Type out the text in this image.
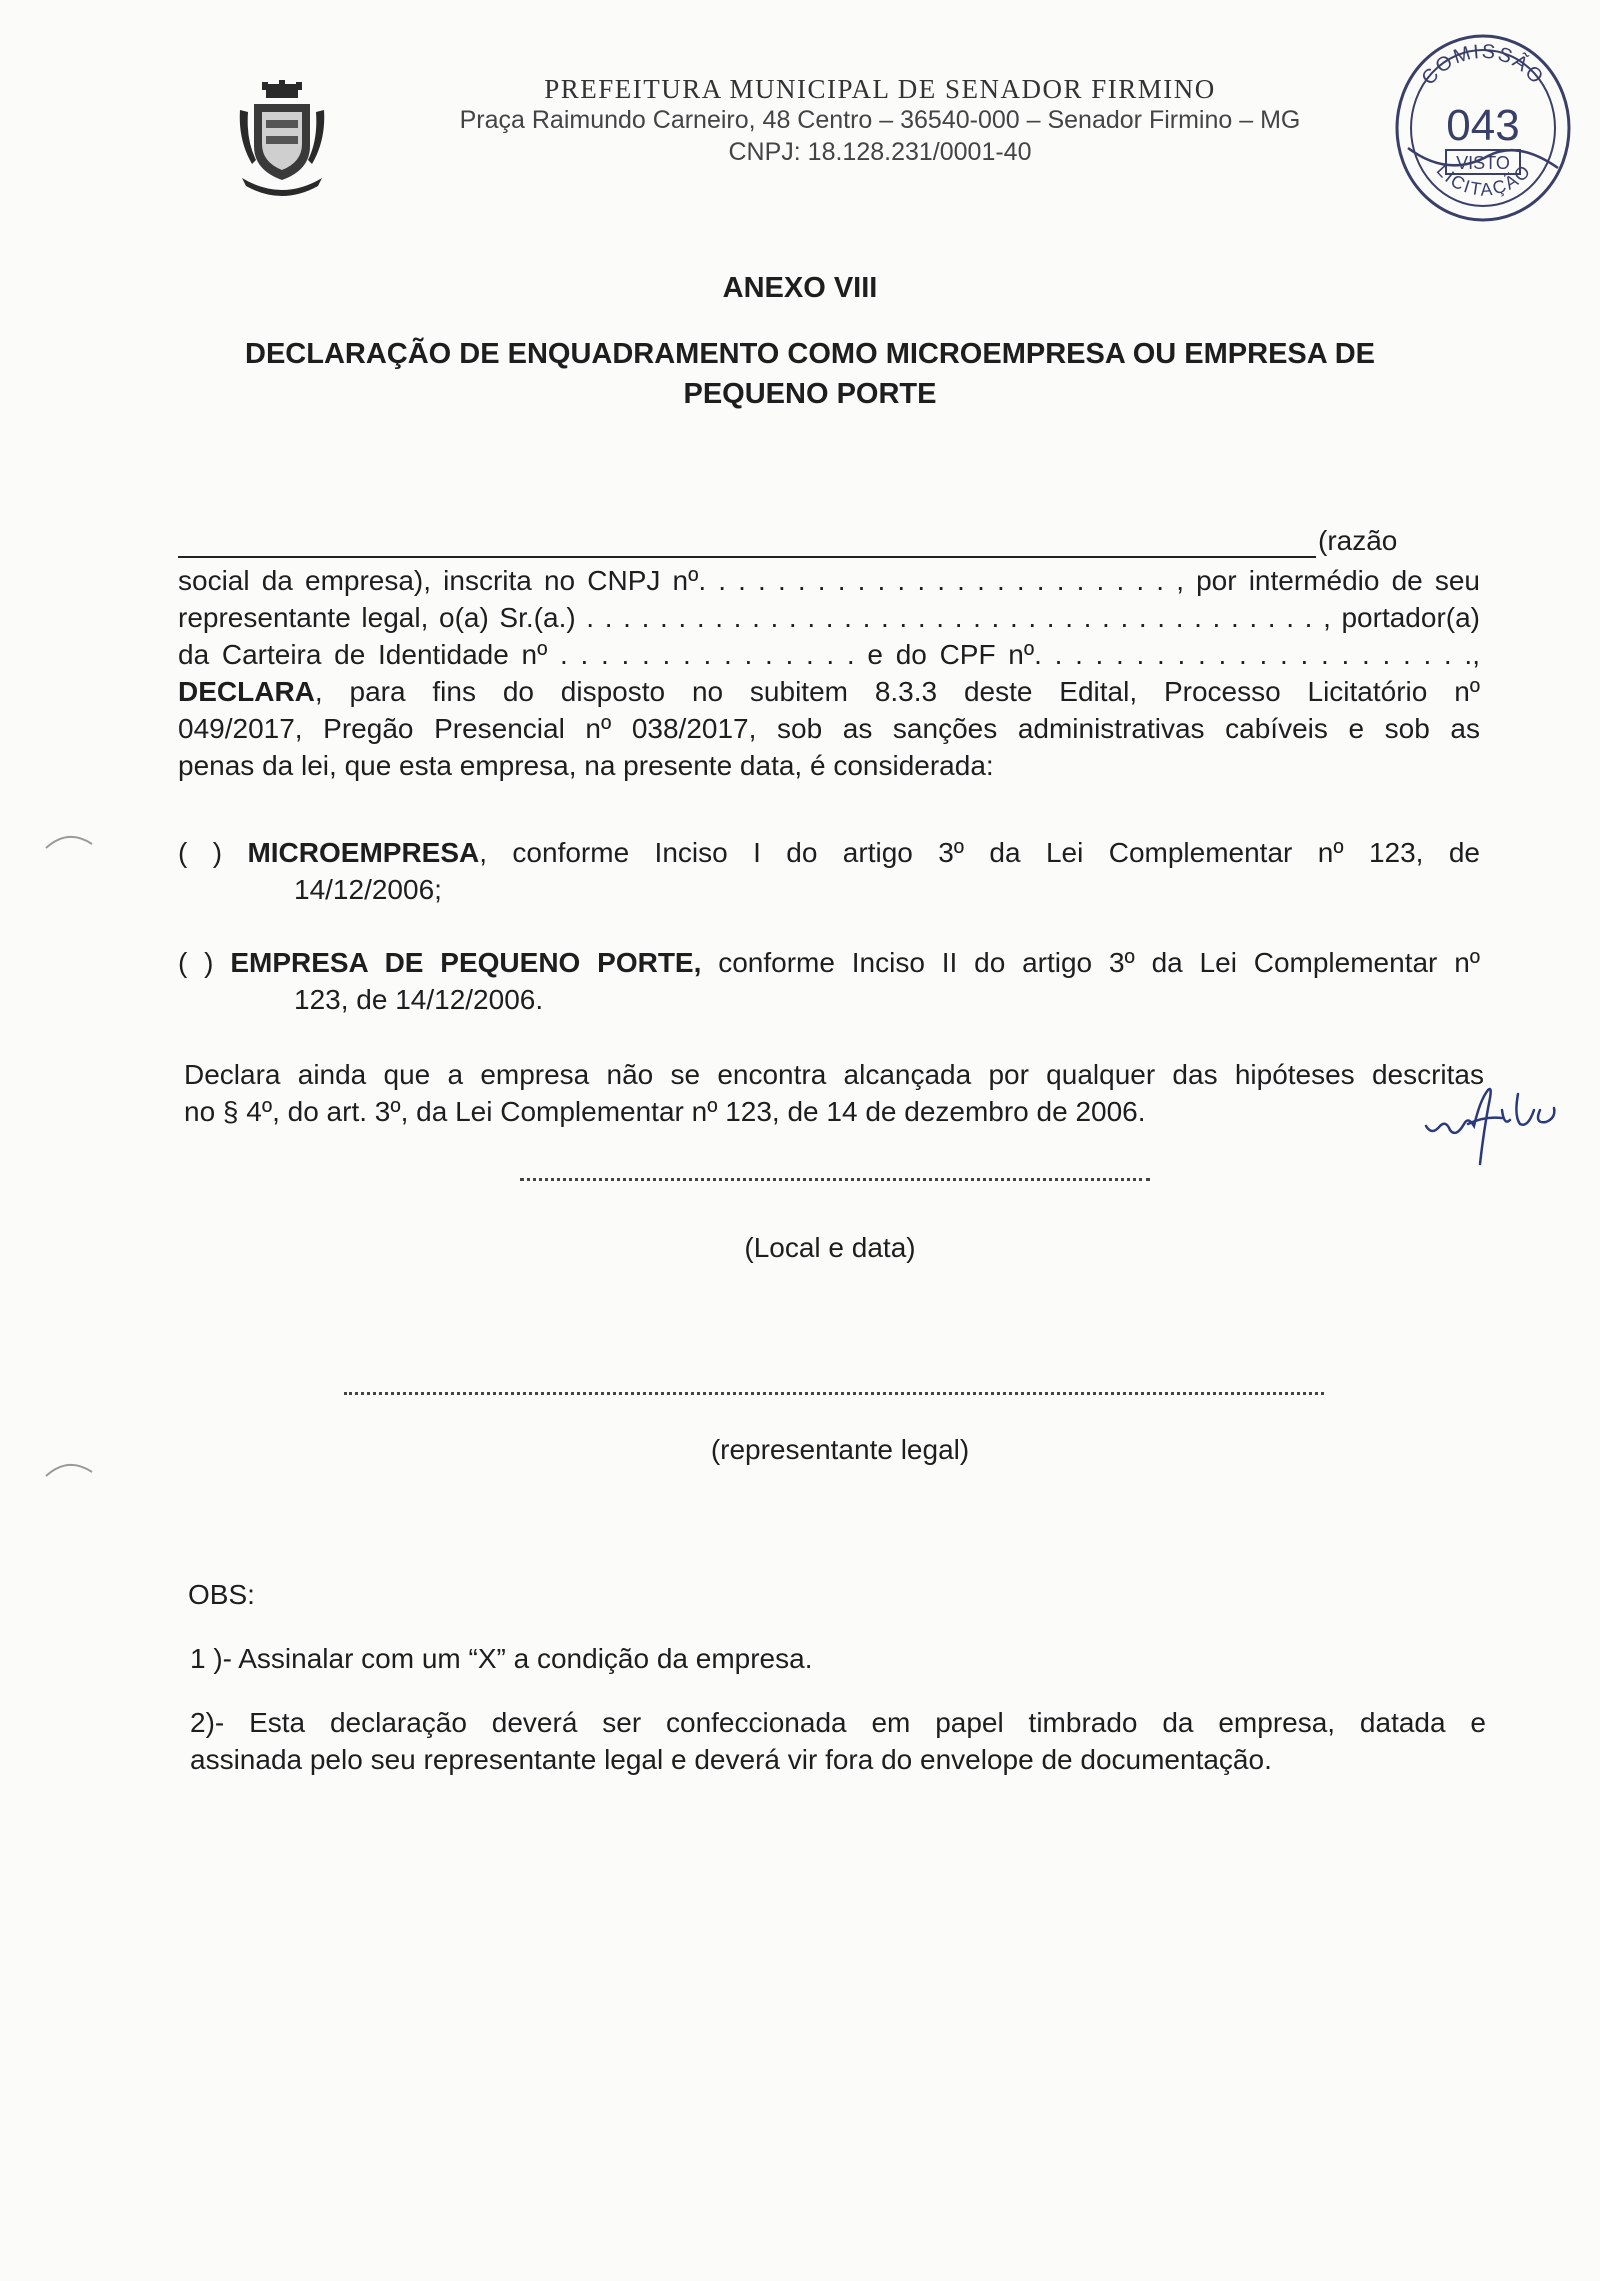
PREFEITURA MUNICIPAL DE SENADOR FIRMINO
Praça Raimundo Carneiro, 48 Centro – 36540-000 – Senador Firmino – MG
CNPJ: 18.128.231/0001-40
COMISSÃO
043
VISTO
LICITAÇÃO
ANEXO VIII
DECLARAÇÃO DE ENQUADRAMENTO COMO MICROEMPRESA OU EMPRESA DE
PEQUENO PORTE
(razão
social da empresa), inscrita no CNPJ nº. . . . . . . . . . . . . . . . . . . . . . . . , por intermédio de seu
representante legal, o(a) Sr.(a.) . . . . . . . . . . . . . . . . . . . . . . . . . . . . . . . . . . . . . . . . , portador(a)
da Carteira de Identidade nº . . . . . . . . . . . . . . . e do CPF nº. . . . . . . . . . . . . . . . . . . . . .,
DECLARA, para fins do disposto no subitem 8.3.3 deste Edital, Processo Licitatório nº
049/2017, Pregão Presencial nº 038/2017, sob as sanções administrativas cabíveis e sob as
penas da lei, que esta empresa, na presente data, é considerada:
( ) MICROEMPRESA, conforme Inciso I do artigo 3º da Lei Complementar nº 123, de
14/12/2006;
( ) EMPRESA DE PEQUENO PORTE, conforme Inciso II do artigo 3º da Lei Complementar nº
123, de 14/12/2006.
Declara ainda que a empresa não se encontra alcançada por qualquer das hipóteses descritas
no § 4º, do art. 3º, da Lei Complementar nº 123, de 14 de dezembro de 2006.
(Local e data)
(representante legal)
OBS:
1 )- Assinalar com um “X” a condição da empresa.
2)- Esta declaração deverá ser confeccionada em papel timbrado da empresa, datada e
assinada pelo seu representante legal e deverá vir fora do envelope de documentação.
